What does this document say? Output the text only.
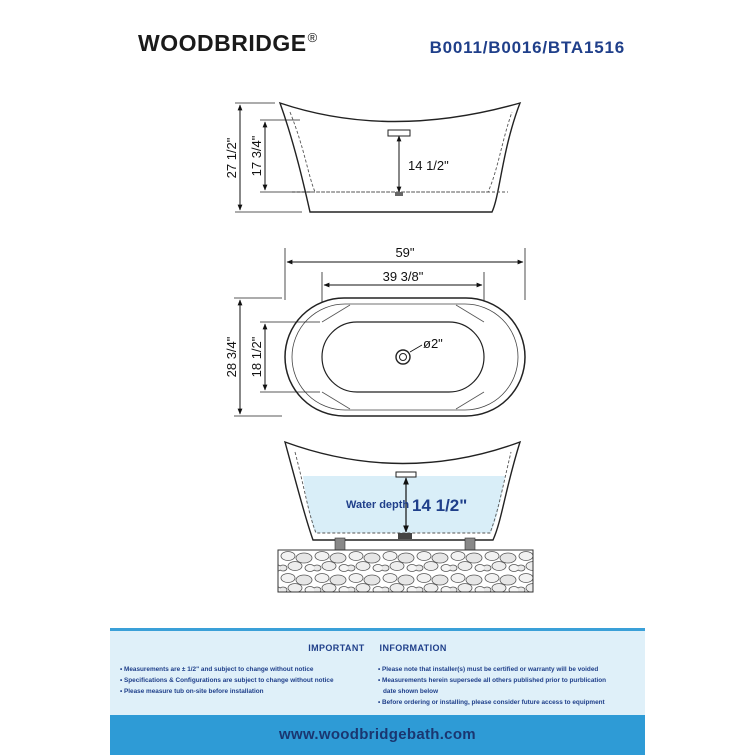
WOODBRIDGE®
B0011/B0016/BTA1516
14 1/2"
27 1/2" 17 3/4"
59"
39 3/8"
ø2"
28 3/4" 18 1/2"
Water depth 14 1/2"
IMPORTANT INFORMATION
• Measurements are ± 1/2" and subject to change without notice
• Specifications & Configurations are subject to change without notice
• Please measure tub on-site before installation
• Please note that installer(s) must be certified or warranty will be voided
• Measurements herein supersede all others published prior to purblication
date shown below
• Before ordering or installing, please consider future access to equipment
www.woodbridgebath.com
